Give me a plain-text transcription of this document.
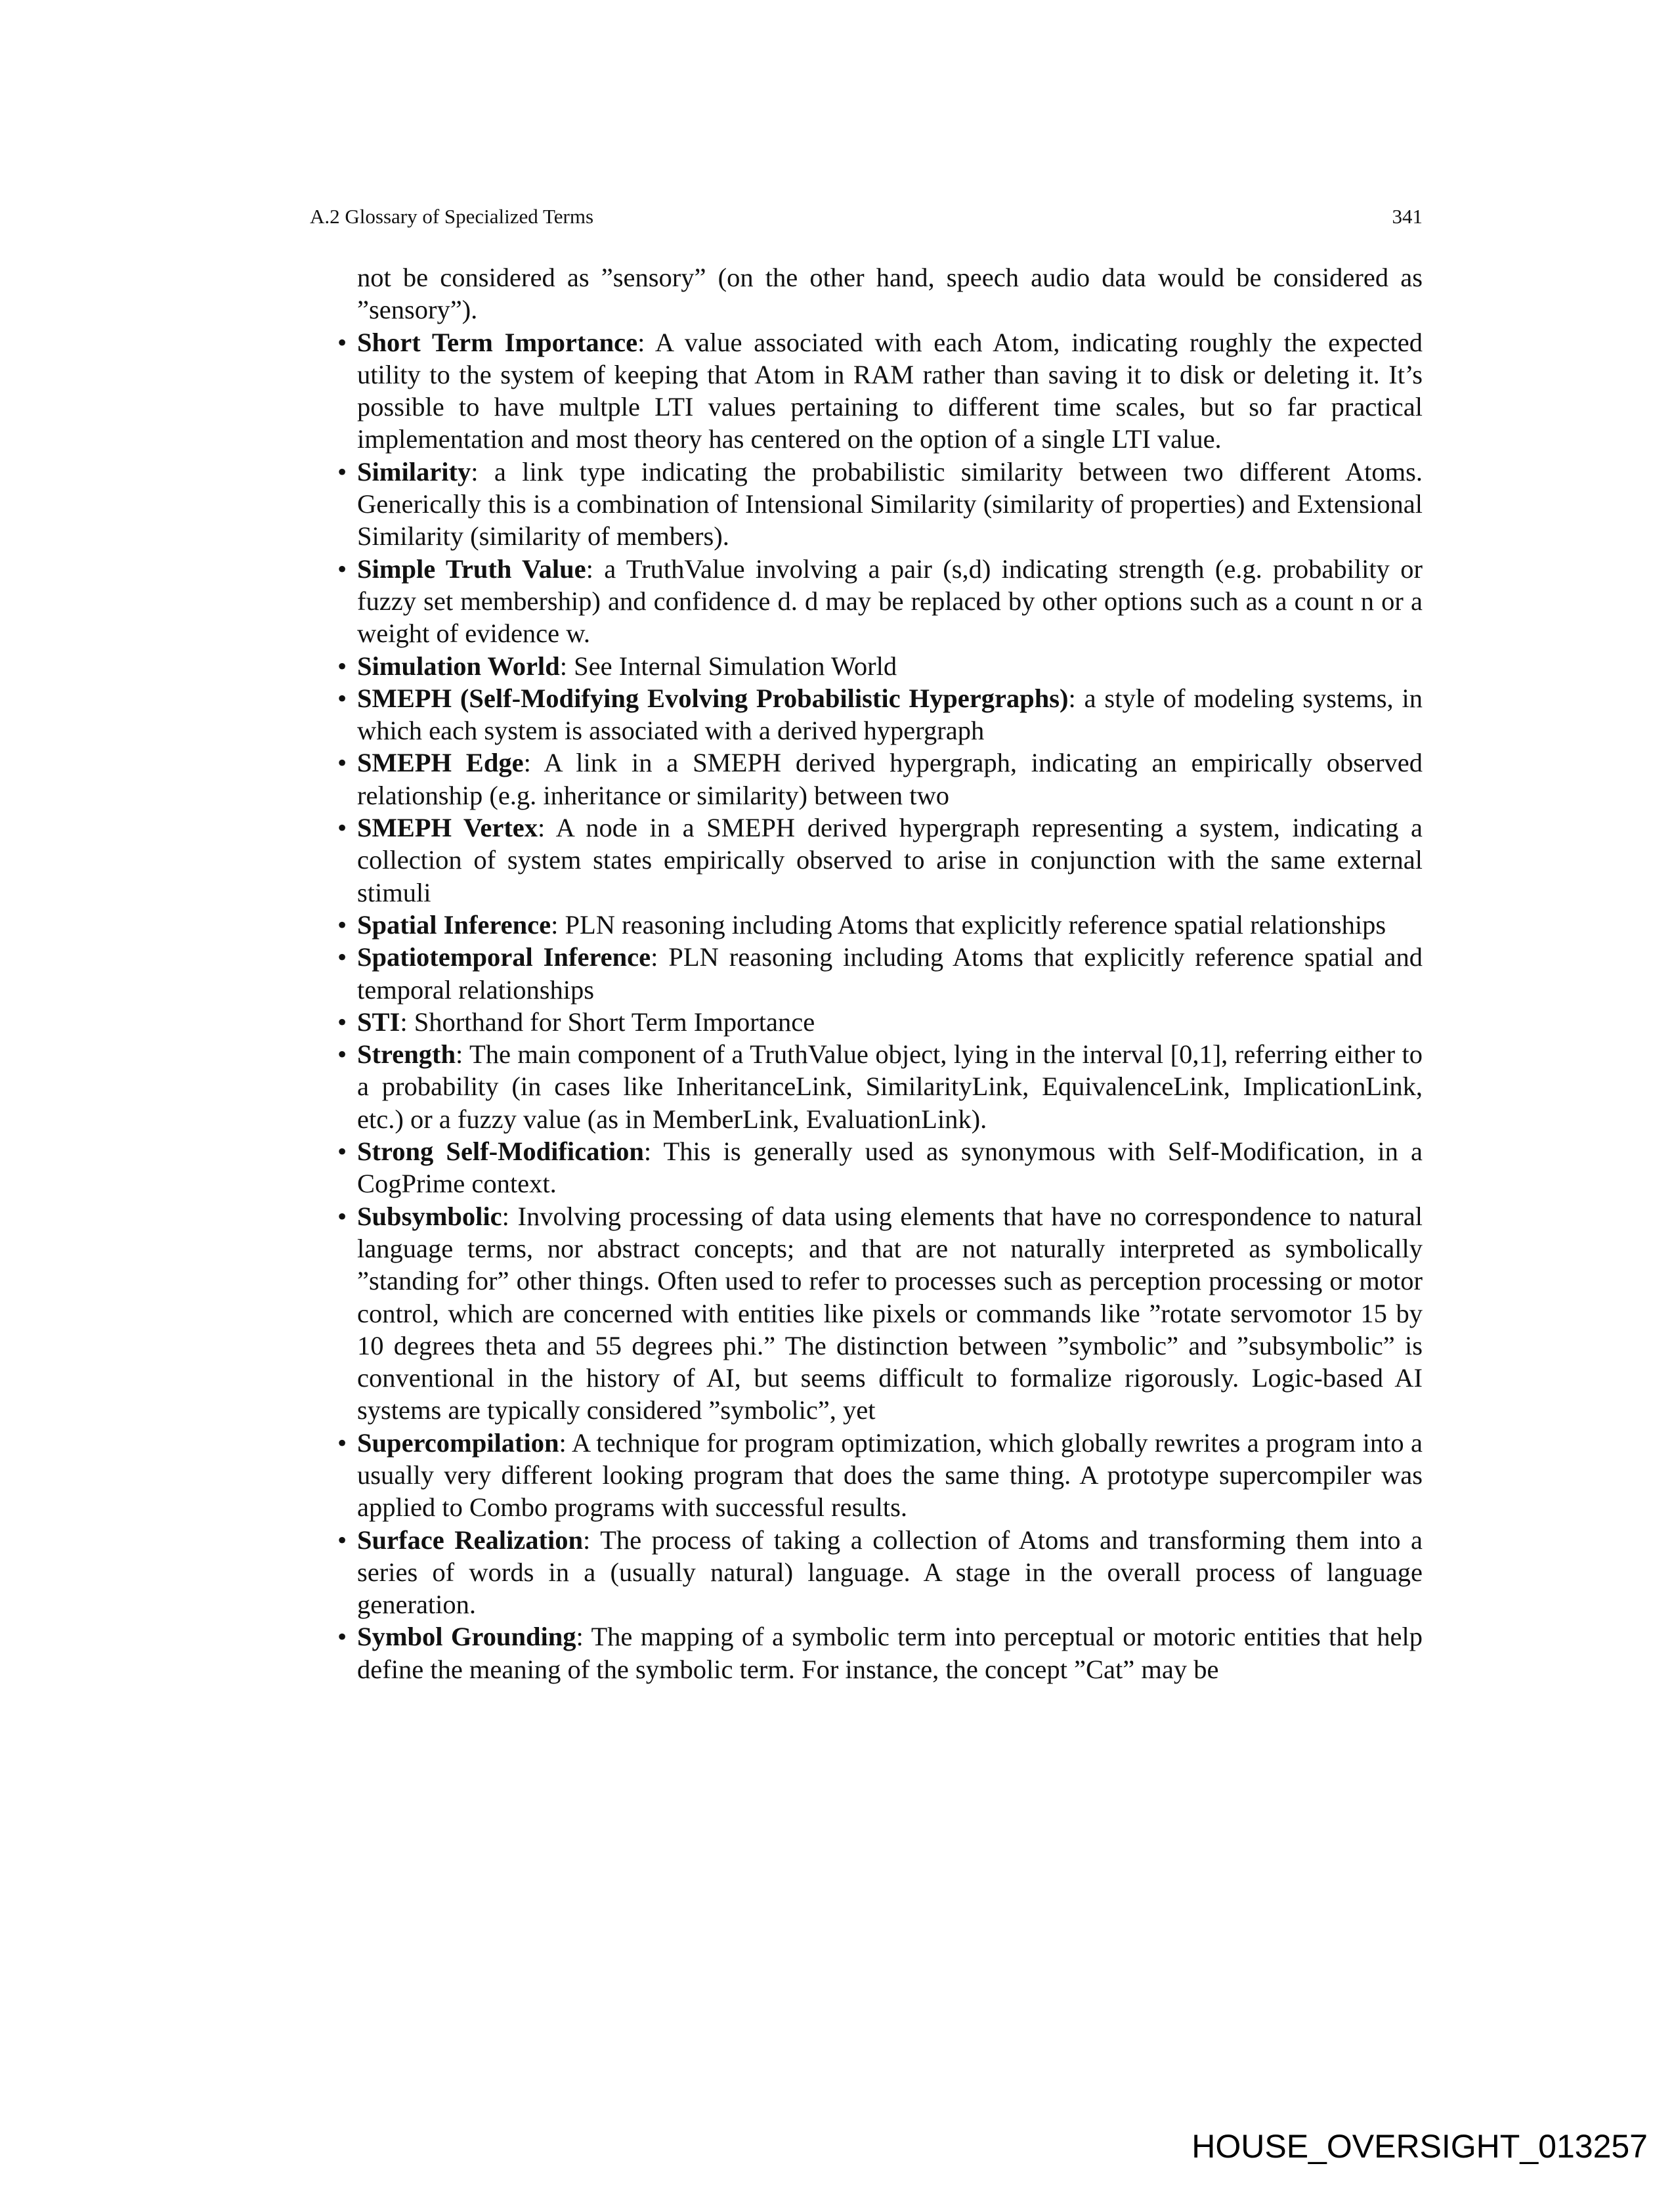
A.2 Glossary of Specialized Terms	341

not be considered as ”sensory” (on the other hand, speech audio data would be considered as ”sensory”).

• Short Term Importance: A value associated with each Atom, indicating roughly the expected utility to the system of keeping that Atom in RAM rather than saving it to disk or deleting it. It’s possible to have multple LTI values pertaining to different time scales, but so far practical implementation and most theory has centered on the option of a single LTI value.
• Similarity: a link type indicating the probabilistic similarity between two different Atoms. Generically this is a combination of Intensional Similarity (similarity of properties) and Extensional Similarity (similarity of members).
• Simple Truth Value: a TruthValue involving a pair (s,d) indicating strength (e.g. probability or fuzzy set membership) and confidence d. d may be replaced by other options such as a count n or a weight of evidence w.
• Simulation World: See Internal Simulation World
• SMEPH (Self-Modifying Evolving Probabilistic Hypergraphs): a style of modeling systems, in which each system is associated with a derived hypergraph
• SMEPH Edge: A link in a SMEPH derived hypergraph, indicating an empirically observed relationship (e.g. inheritance or similarity) between two
• SMEPH Vertex: A node in a SMEPH derived hypergraph representing a system, indicating a collection of system states empirically observed to arise in conjunction with the same external stimuli
• Spatial Inference: PLN reasoning including Atoms that explicitly reference spatial relationships
• Spatiotemporal Inference: PLN reasoning including Atoms that explicitly reference spatial and temporal relationships
• STI: Shorthand for Short Term Importance
• Strength: The main component of a TruthValue object, lying in the interval [0,1], referring either to a probability (in cases like InheritanceLink, SimilarityLink, EquivalenceLink, ImplicationLink, etc.) or a fuzzy value (as in MemberLink, EvaluationLink).
• Strong Self-Modification: This is generally used as synonymous with Self-Modification, in a CogPrime context.
• Subsymbolic: Involving processing of data using elements that have no correspondence to natural language terms, nor abstract concepts; and that are not naturally interpreted as symbolically ”standing for” other things. Often used to refer to processes such as perception processing or motor control, which are concerned with entities like pixels or commands like ”rotate servomotor 15 by 10 degrees theta and 55 degrees phi.” The distinction between ”symbolic” and ”subsymbolic” is conventional in the history of AI, but seems difficult to formalize rigorously. Logic-based AI systems are typically considered ”symbolic”, yet
• Supercompilation: A technique for program optimization, which globally rewrites a program into a usually very different looking program that does the same thing. A prototype supercompiler was applied to Combo programs with successful results.
• Surface Realization: The process of taking a collection of Atoms and transforming them into a series of words in a (usually natural) language. A stage in the overall process of language generation.
• Symbol Grounding: The mapping of a symbolic term into perceptual or motoric entities that help define the meaning of the symbolic term. For instance, the concept ”Cat” may be
HOUSE_OVERSIGHT_013257
